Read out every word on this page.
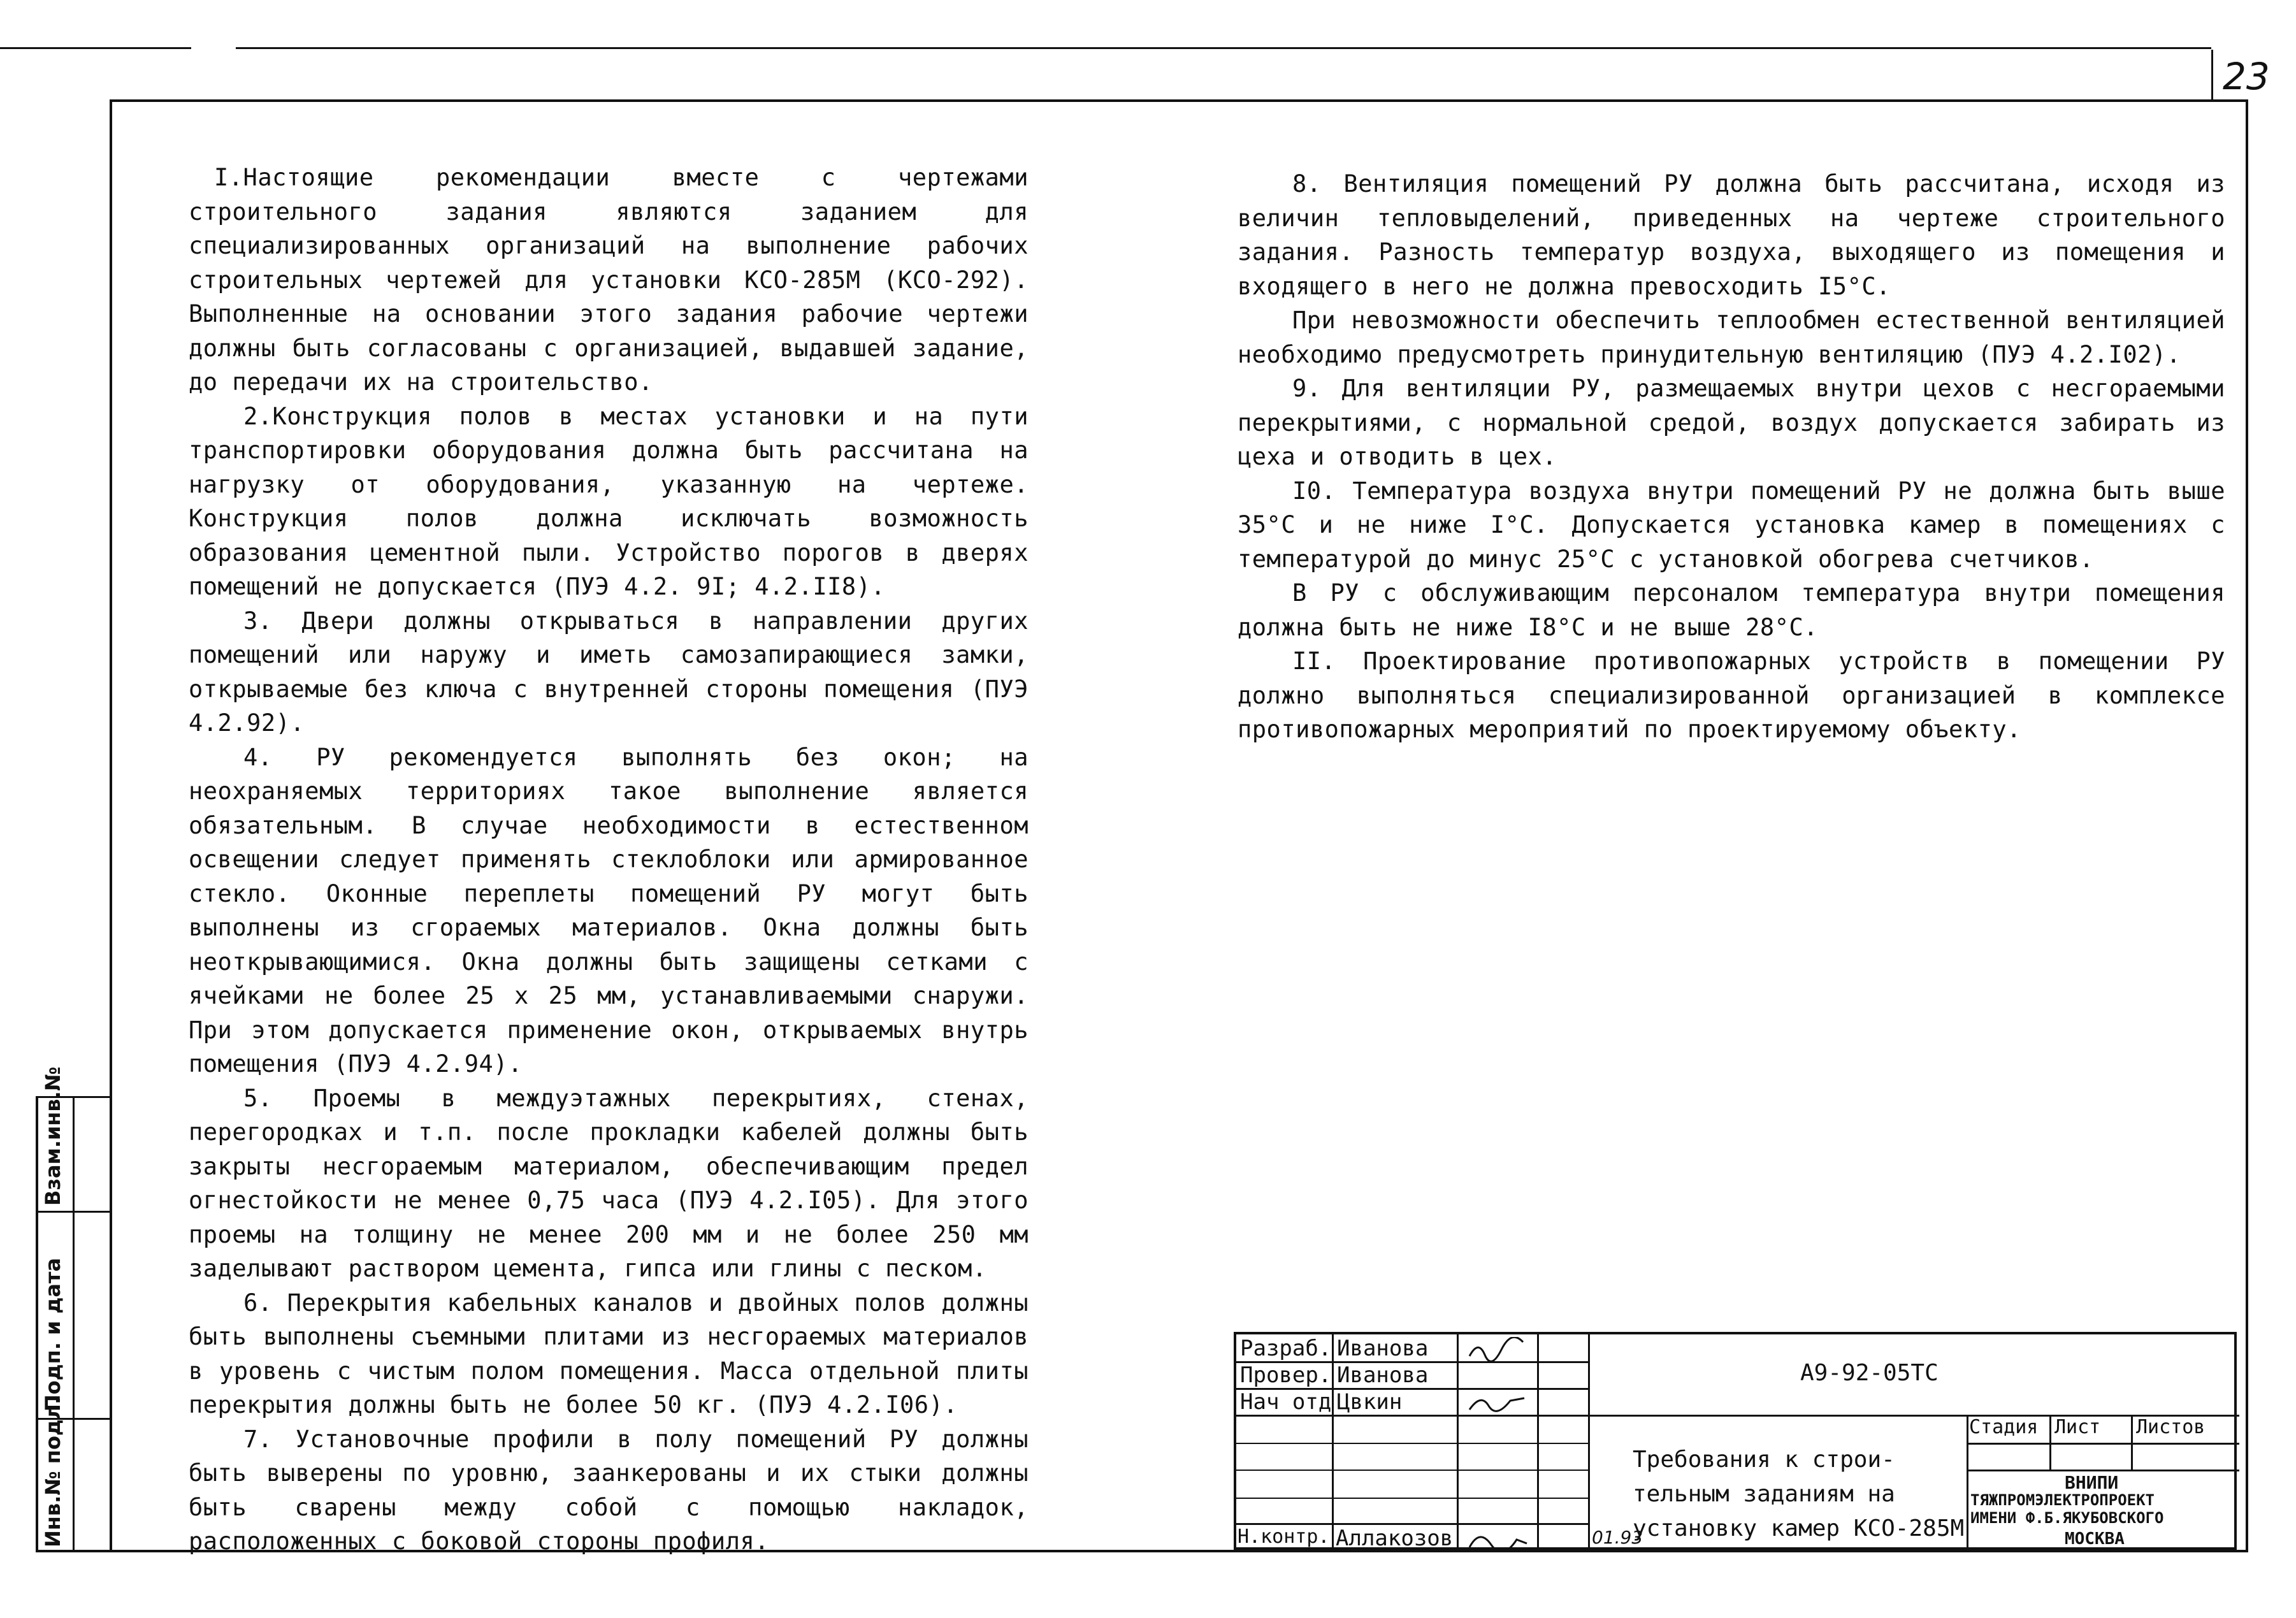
23

I.Настоящие рекомендации вместе с чертежами строительного задания являются заданием для специализированных организаций на выполнение рабочих строительных чертежей для установки КСО-285М (КСО-292). Выполненные на основании этого задания рабочие чертежи должны быть согласованы с организацией, выдавшей задание, до передачи их на строительство.

2.Конструкция полов в местах установки и на пути транспортировки оборудования должна быть рассчитана на нагрузку от оборудования, указанную на чертеже. Конструкция полов должна исключать возможность образования цементной пыли. Устройство порогов в дверях помещений не допускается (ПУЭ 4.2. 9I; 4.2.II8).

3. Двери должны открываться в направлении других помещений или наружу и иметь самозапирающиеся замки, открываемые без ключа с внутренней стороны помещения (ПУЭ 4.2.92).

4. РУ рекомендуется выполнять без окон; на неохраняемых территориях такое выполнение является обязательным. В случае необходимости в естественном освещении следует применять стеклоблоки или армированное стекло. Оконные переплеты помещений РУ могут быть выполнены из сгораемых материалов. Окна должны быть неоткрывающимися. Окна должны быть защищены сетками с ячейками не более 25 х 25 мм, устанавливаемыми снаружи. При этом допускается применение окон, открываемых внутрь помещения (ПУЭ 4.2.94).

5. Проемы в междуэтажных перекрытиях, стенах, перегородках и т.п. после прокладки кабелей должны быть закрыты несгораемым материалом, обеспечивающим предел огнестойкости не менее 0,75 часа (ПУЭ 4.2.I05). Для этого проемы на толщину не менее 200 мм и не более 250 мм заделывают раствором цемента, гипса или глины с песком.

6. Перекрытия кабельных каналов и двойных полов должны быть выполнены съемными плитами из несгораемых материалов в уровень с чистым полом помещения. Масса отдельной плиты перекрытия должны быть не более 50 кг. (ПУЭ 4.2.I06).

7. Установочные профили в полу помещений РУ должны быть выверены по уровню, заанкерованы и их стыки должны быть сварены между собой с помощью накладок, расположенных с боковой стороны профиля.

8. Вентиляция помещений РУ должна быть рассчитана, исходя из величин тепловыделений, приведенных на чертеже строительного задания. Разность температур воздуха, выходящего из помещения и входящего в него не должна превосходить I5°С.

При невозможности обеспечить теплообмен естественной вентиляцией необходимо предусмотреть принудительную вентиляцию (ПУЭ 4.2.I02).

9. Для вентиляции РУ, размещаемых внутри цехов с несгораемыми перекрытиями, с нормальной средой, воздух допускается забирать из цеха и отводить в цех.

I0. Температура воздуха внутри помещений РУ не должна быть выше 35°С и не ниже I°С. Допускается установка камер в помещениях с температурой до минус 25°С с установкой обогрева счетчиков.

В РУ с обслуживающим персоналом температура внутри помещения должна быть не ниже I8°С и не выше 28°С.

II. Проектирование противопожарных устройств в помещении РУ должно выполняться специализированной организацией в комплексе противопожарных мероприятий по проектируемому объекту.

Разраб.
Провер.
Нач отд
Н.контр.
Иванова
Иванова
Цвкин
Аллакозов	01.93
А9-92-05ТС
Требования к строи-
тельным заданиям на
установку камер КСО-285М
Стадия Лист Листов
ВНИПИ
ТЯЖПРОМЭЛЕКТРОПРОЕКТ
ИМЕНИ Ф.Б.ЯКУБОВСКОГО
МОСКВА
Инв.№ подл.
Подп. и дата
Взам.инв.№
